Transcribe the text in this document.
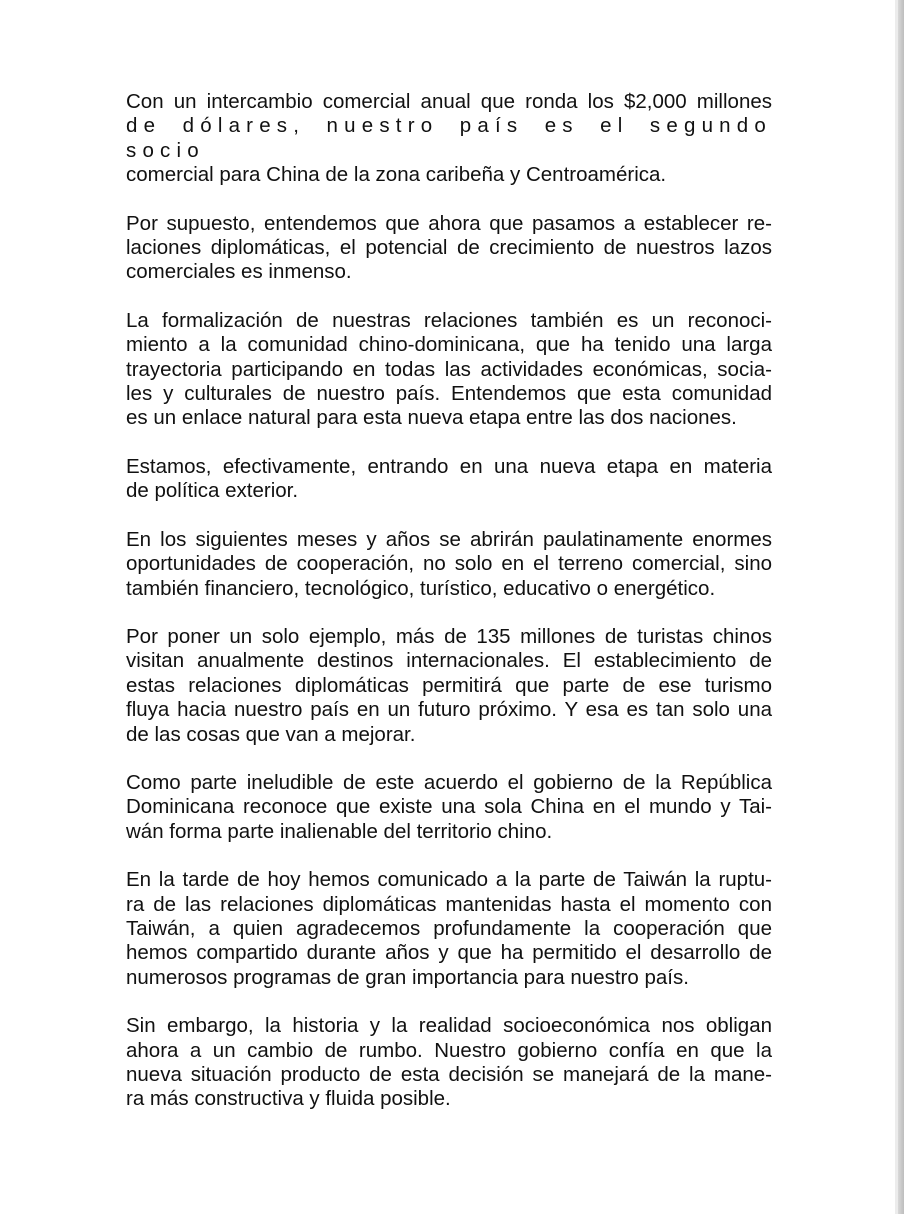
Con un intercambio comercial anual que ronda los $2,000 millones
de dólares, nuestro país es el segundo socio
comercial para China de la zona caribeña y Centroamérica.
Por supuesto, entendemos que ahora que pasamos a establecer re-
laciones diplomáticas, el potencial de crecimiento de nuestros lazos
comerciales es inmenso.
La formalización de nuestras relaciones también es un reconoci-
miento a la comunidad chino-dominicana, que ha tenido una larga
trayectoria participando en todas las actividades económicas, socia-
les y culturales de nuestro país. Entendemos que esta comunidad
es un enlace natural para esta nueva etapa entre las dos naciones.
Estamos, efectivamente, entrando en una nueva etapa en materia
de política exterior.
En los siguientes meses y años se abrirán paulatinamente enormes
oportunidades de cooperación, no solo en el terreno comercial, sino
también financiero, tecnológico, turístico, educativo o energético.
Por poner un solo ejemplo, más de 135 millones de turistas chinos
visitan anualmente destinos internacionales. El establecimiento de
estas relaciones diplomáticas permitirá que parte de ese turismo
fluya hacia nuestro país en un futuro próximo. Y esa es tan solo una
de las cosas que van a mejorar.
Como parte ineludible de este acuerdo el gobierno de la República
Dominicana reconoce que existe una sola China en el mundo y Tai-
wán forma parte inalienable del territorio chino.
En la tarde de hoy hemos comunicado a la parte de Taiwán la ruptu-
ra de las relaciones diplomáticas mantenidas hasta el momento con
Taiwán, a quien agradecemos profundamente la cooperación que
hemos compartido durante años y que ha permitido el desarrollo de
numerosos programas de gran importancia para nuestro país.
Sin embargo, la historia y la realidad socioeconómica nos obligan
ahora a un cambio de rumbo. Nuestro gobierno confía en que la
nueva situación producto de esta decisión se manejará de la mane-
ra más constructiva y fluida posible.
